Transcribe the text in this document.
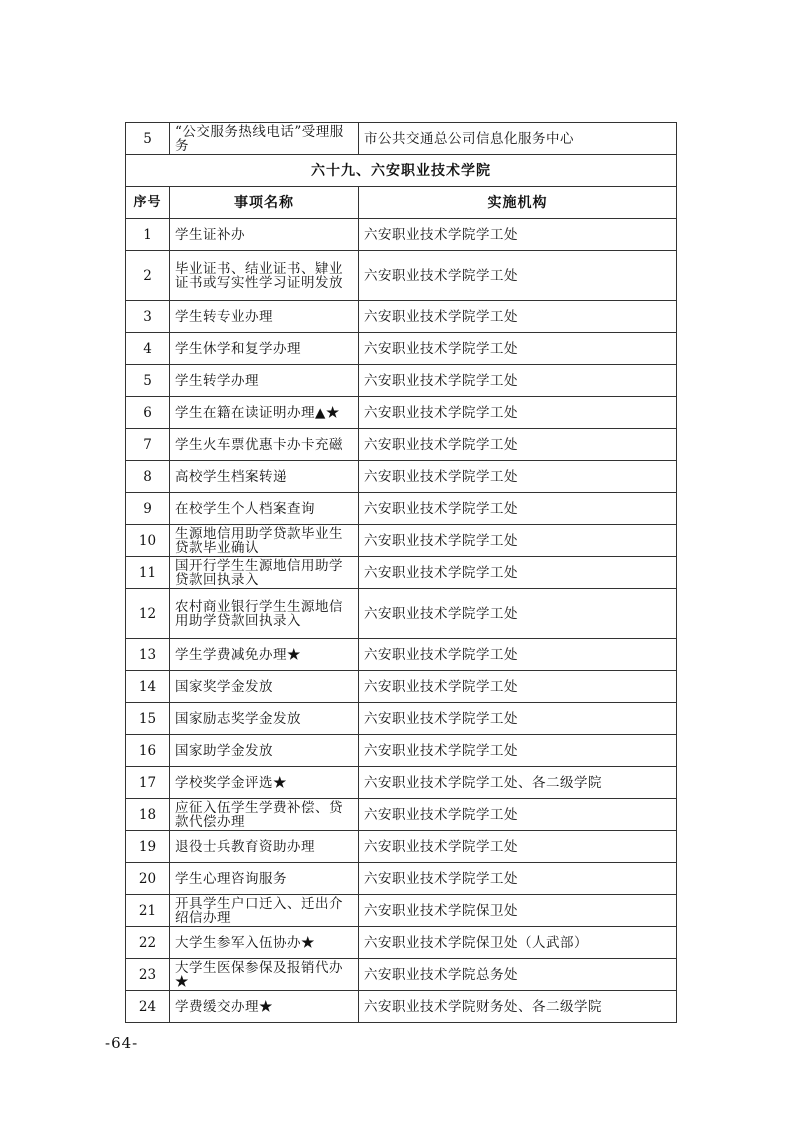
5	“公交服务热线电话”受理服务	市公共交通总公司信息化服务中心
六十九、六安职业技术学院		
序号	事项名称	实施机构
1	学生证补办	六安职业技术学院学工处
2	毕业证书、结业证书、肄业证书或写实性学习证明发放	六安职业技术学院学工处
3	学生转专业办理	六安职业技术学院学工处
4	学生休学和复学办理	六安职业技术学院学工处
5	学生转学办理	六安职业技术学院学工处
6	学生在籍在读证明办理▲★	六安职业技术学院学工处
7	学生火车票优惠卡办卡充磁	六安职业技术学院学工处
8	高校学生档案转递	六安职业技术学院学工处
9	在校学生个人档案查询	六安职业技术学院学工处
10	生源地信用助学贷款毕业生贷款毕业确认	六安职业技术学院学工处
11	国开行学生生源地信用助学贷款回执录入	六安职业技术学院学工处
12	农村商业银行学生生源地信用助学贷款回执录入	六安职业技术学院学工处
13	学生学费减免办理★	六安职业技术学院学工处
14	国家奖学金发放	六安职业技术学院学工处
15	国家励志奖学金发放	六安职业技术学院学工处
16	国家助学金发放	六安职业技术学院学工处
17	学校奖学金评选★	六安职业技术学院学工处、各二级学院
18	应征入伍学生学费补偿、贷款代偿办理	六安职业技术学院学工处
19	退役士兵教育资助办理	六安职业技术学院学工处
20	学生心理咨询服务	六安职业技术学院学工处
21	开具学生户口迁入、迁出介绍信办理	六安职业技术学院保卫处
22	大学生参军入伍协办★	六安职业技术学院保卫处（人武部）
23	大学生医保参保及报销代办★	六安职业技术学院总务处
24	学费缓交办理★	六安职业技术学院财务处、各二级学院
-64-
